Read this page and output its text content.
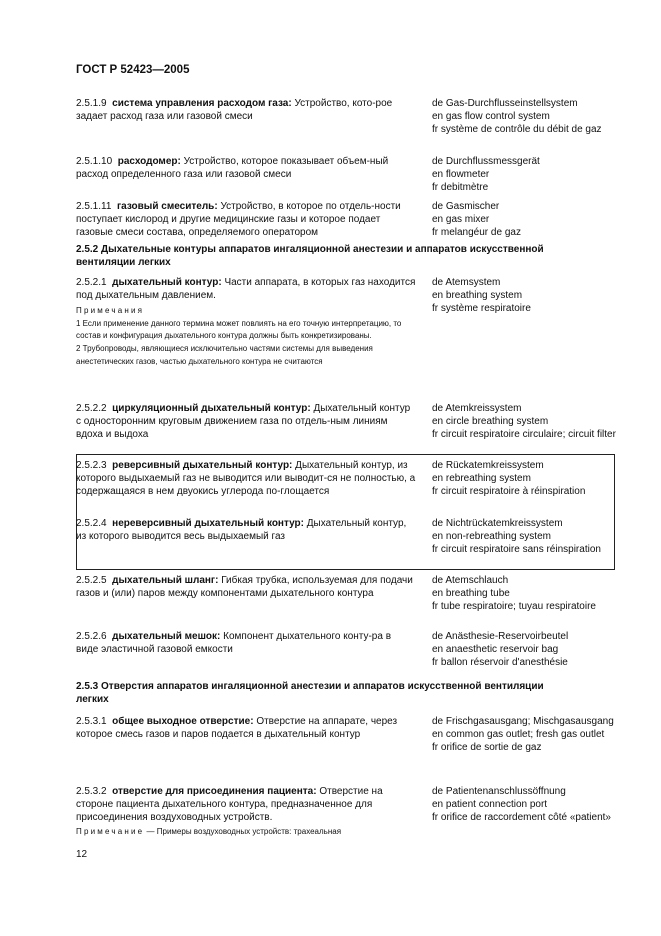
ГОСТ Р 52423—2005
2.5.1.9 система управления расходом газа: Устройство, кото-рое задает расход газа или газовой смеси
de Gas-Durchflusseinstellsystem
en gas flow control system
fr système de contrôle du débit de gaz
2.5.1.10 расходомер: Устройство, которое показывает объем-ный расход определенного газа или газовой смеси
de Durchflussmessgerät
en flowmeter
fr debitmètre
2.5.1.11 газовый смеситель: Устройство, в которое по отдель-ности поступает кислород и другие медицинские газы и которое подает газовые смеси состава, определяемого оператором
de Gasmischer
en gas mixer
fr melangéur de gaz
2.5.2 Дыхательные контуры аппаратов ингаляционной анестезии и аппаратов искусственной вентиляции легких
2.5.2.1 дыхательный контур: Части аппарата, в которых газ находится под дыхательным давлением.
de Atemsystem
en breathing system
fr système respiratoire
Примечания
1 Если применение данного термина может повлиять на его точную интерпретацию, то состав и конфигурация дыхательного контура должны быть конкретизированы.
2 Трубопроводы, являющиеся исключительно частями системы для выведения анестетических газов, частью дыхательного контура не считаются
2.5.2.2 циркуляционный дыхательный контур: Дыхательный контур с односторонним круговым движением газа по отдель-ным линиям вдоха и выдоха
de Atemkreissystem
en circle breathing system
fr circuit respiratoire circulaire; circuit filter
2.5.2.3 реверсивный дыхательный контур: Дыхательный контур, из которого выдыхаемый газ не выводится или выводит-ся не полностью, а содержащаяся в нем двуокись углерода по-глощается
de Rückatemkreissystem
en rebreathing system
fr circuit respiratoire à réinspiration
2.5.2.4 нереверсивный дыхательный контур: Дыхательный контур, из которого выводится весь выдыхаемый газ
de Nichtrückatemkreissystem
en non-rebreathing system
fr circuit respiratoire sans réinspiration
2.5.2.5 дыхательный шланг: Гибкая трубка, используемая для подачи газов и (или) паров между компонентами дыхательного контура
de Atemschlauch
en breathing tube
fr tube respiratoire; tuyau respiratoire
2.5.2.6 дыхательный мешок: Компонент дыхательного конту-ра в виде эластичной газовой емкости
de Anästhesie-Reservoirbeutel
en anaesthetic reservoir bag
fr ballon réservoir d'anesthésie
2.5.3 Отверстия аппаратов ингаляционной анестезии и аппаратов искусственной вентиляции легких
2.5.3.1 общее выходное отверстие: Отверстие на аппарате, через которое смесь газов и паров подается в дыхательный контур
de Frischgasausgang; Mischgasausgang
en common gas outlet; fresh gas outlet
fr orifice de sortie de gaz
2.5.3.2 отверстие для присоединения пациента: Отверстие на стороне пациента дыхательного контура, предназначенное для присоединения воздуховодных устройств.
de Patientenanschlussöffnung
en patient connection port
fr orifice de raccordement côté «patient»
Примечание — Примеры воздуховодных устройств: трахеальная
12
